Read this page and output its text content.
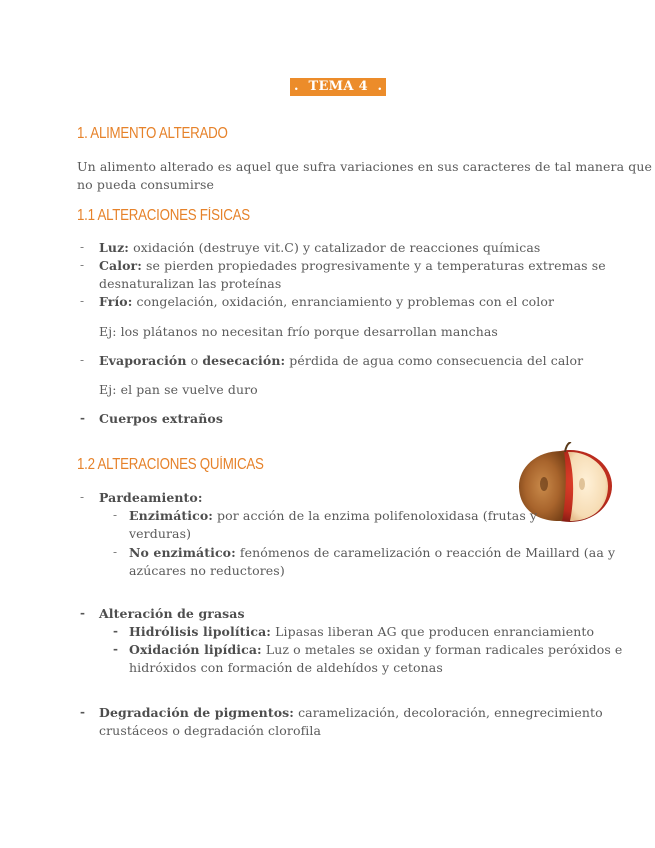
.  TEMA 4  .
1. ALIMENTO ALTERADO
Un alimento alterado es aquel que sufra variaciones en sus caracteres de tal manera que
no pueda consumirse
1.1 ALTERACIONES FÍSICAS
- Luz: oxidación (destruye vit.C) y catalizador de reacciones químicas
- Calor: se pierden propiedades progresivamente y a temperaturas extremas se
desnaturalizan las proteínas
- Frío: congelación, oxidación, enranciamiento y problemas con el color
Ej: los plátanos no necesitan frío porque desarrollan manchas
- Evaporación o desecación: pérdida de agua como consecuencia del calor
Ej: el pan se vuelve duro
- Cuerpos extraños
1.2 ALTERACIONES QUÍMICAS
- Pardeamiento:
- Enzimático: por acción de la enzima polifenoloxidasa (frutas y
verduras)
- No enzimático: fenómenos de caramelización o reacción de Maillard (aa y
azúcares no reductores)
- Alteración de grasas
- Hidrólisis lipolítica: Lipasas liberan AG que producen enranciamiento
- Oxidación lipídica: Luz o metales se oxidan y forman radicales peróxidos e
hidróxidos con formación de aldehídos y cetonas
- Degradación de pigmentos: caramelización, decoloración, ennegrecimiento
crustáceos o degradación clorofila
